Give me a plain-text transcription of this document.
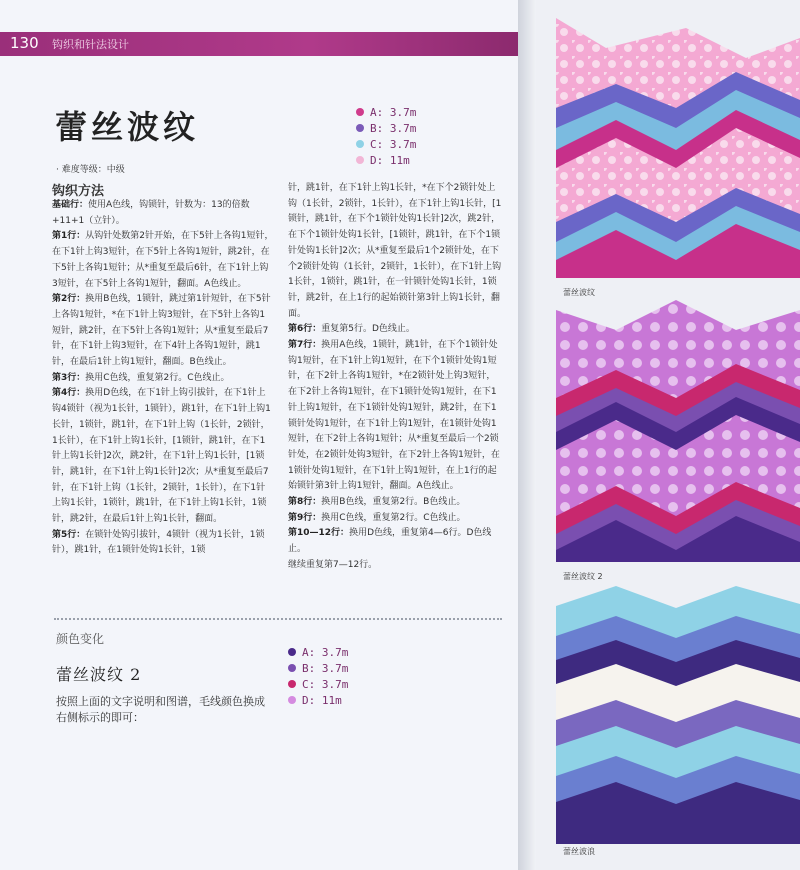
130 钩织和针法设计
蕾丝波纹
· 难度等级：中级
钩织方法
A: 3.7m
B: 3.7m
C: 3.7m
D: 11m

基础行：使用A色线，钩锁针，针数为：13的倍数+11+1（立针）。

第1行：从钩针处数第2针开始，在下5针上各钩1短针，在下1针上钩3短针，在下5针上各钩1短针，跳2针，在下5针上各钩1短针；从*重复至最后6针，在下1针上钩3短针，在下5针上各钩1短针，翻面。A色线止。

第2行：换用B色线，1锁针，跳过第1针短针，在下5针上各钩1短针，*在下1针上钩3短针，在下5针上各钩1短针，跳2针，在下5针上各钩1短针；从*重复至最后7针，在下1针上钩3短针，在下4针上各钩1短针，跳1针，在最后1针上钩1短针，翻面。B色线止。

第3行：换用C色线，重复第2行。C色线止。

第4行：换用D色线，在下1针上钩引拔针，在下1针上钩4锁针（视为1长针，1锁针），跳1针，在下1针上钩1长针，1锁针，跳1针，在下1针上钩（1长针，2锁针，1长针），在下1针上钩1长针，[1锁针，跳1针，在下1针上钩1长针]2次，跳2针，在下1针上钩1长针，[1锁针，跳1针，在下1针上钩1长针]2次；从*重复至最后7针，在下1针上钩（1长针，2锁针，1长针），在下1针上钩1长针，1锁针，跳1针，在下1针上钩1长针，1锁针，跳2针，在最后1针上钩1长针，翻面。

第5行：在锁针处钩引拔针，4锁针（视为1长针，1锁针），跳1针，在1锁针处钩1长针，1锁

针，跳1针，在下1针上钩1长针，*在下个2锁针处上钩（1长针，2锁针，1长针），在下1针上钩1长针，[1锁针，跳1针，在下个1锁针处钩1长针]2次，跳2针，在下个1锁针处钩1长针，[1锁针，跳1针，在下个1锁针处钩1长针]2次；从*重复至最后1个2锁针处，在下个2锁针处钩（1长针，2锁针，1长针），在下1针上钩1长针，1锁针，跳1针，在一针锁针处钩1长针，1锁针，跳2针，在上1行的起始锁针第3针上钩1长针，翻面。

第6行：重复第5行。D色线止。

第7行：换用A色线，1锁针，跳1针，在下个1锁针处钩1短针，在下1针上钩1短针，在下个1锁针处钩1短针，在下2针上各钩1短针，*在2锁针处上钩3短针，在下2针上各钩1短针，在下1锁针处钩1短针，在下1针上钩1短针，在下1锁针处钩1短针，跳2针，在下1锁针处钩1短针，在下1针上钩1短针，在1锁针处钩1短针，在下2针上各钩1短针；从*重复至最后一个2锁针处，在2锁针处钩3短针，在下2针上各钩1短针，在1锁针处钩1短针，在下1针上钩1短针，在上1行的起始锁针第3针上钩1短针，翻面。A色线止。

第8行：换用B色线，重复第2行。B色线止。

第9行：换用C色线，重复第2行。C色线止。

第10—12行：换用D色线，重复第4—6行。D色线止。

继续重复第7—12行。

颜色变化
蕾丝波纹 2
按照上面的文字说明和图谱，毛线颜色换成右侧标示的即可：
A: 3.7m
B: 3.7m
C: 3.7m
D: 11m
蕾丝波纹
蕾丝波纹 2
蕾丝波浪
